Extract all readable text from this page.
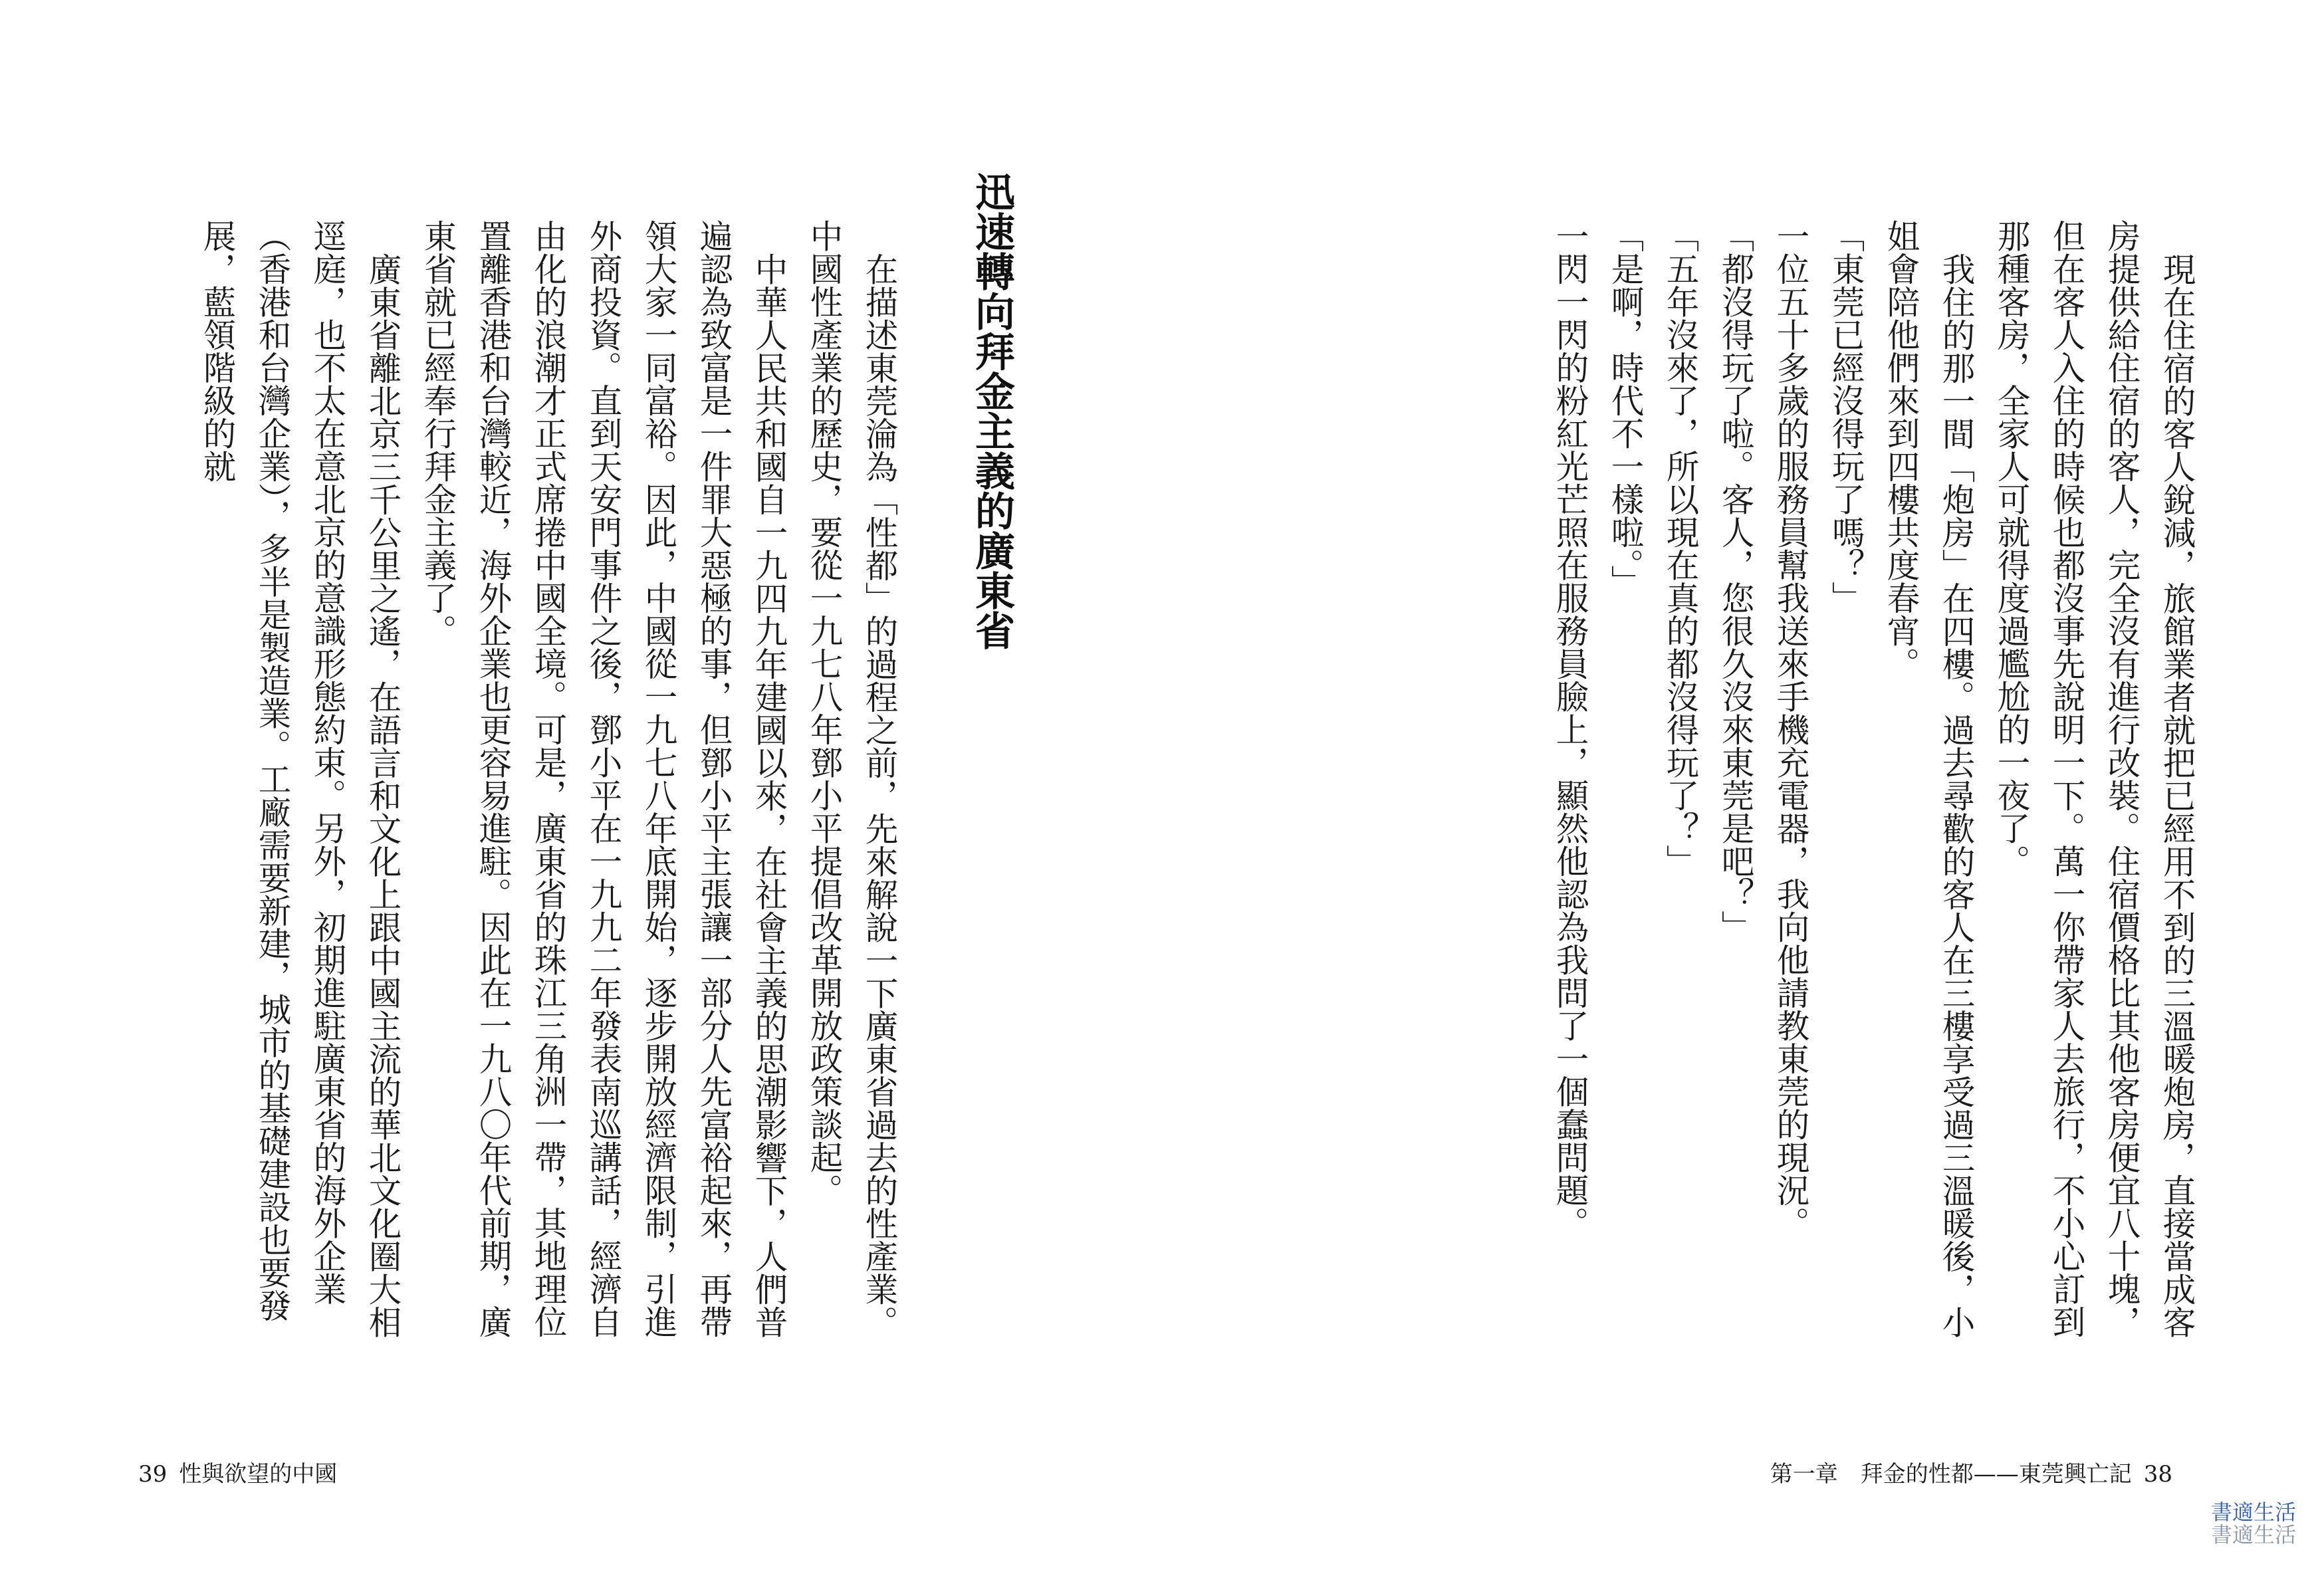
迅速轉向拜金主義的廣東省

在描述東莞淪為「性都」的過程之前，先來解說一下廣東省過去的性產業。中國性產業的歷史，要從一九七八年鄧小平提倡改革開放政策談起。

中華人民共和國自一九四九年建國以來，在社會主義的思潮影響下，人們普遍認為致富是一件罪大惡極的事，但鄧小平主張讓一部分人先富裕起來，再帶領大家一同富裕。因此，中國從一九七八年底開始，逐步開放經濟限制，引進外商投資。直到天安門事件之後，鄧小平在一九九二年發表南巡講話，經濟自由化的浪潮才正式席捲中國全境。可是，廣東省的珠江三角洲一帶，其地理位置離香港和台灣較近，海外企業也更容易進駐。因此在一九八〇年代前期，廣東省就已經奉行拜金主義了。

廣東省離北京三千公里之遙，在語言和文化上跟中國主流的華北文化圈大相逕庭，也不太在意北京的意識形態約束。另外，初期進駐廣東省的海外企業（香港和台灣企業），多半是製造業。工廠需要新建，城市的基礎建設也要發展，藍領階級的就

39 性與欲望的中國

現在住宿的客人銳減，旅館業者就把已經用不到的三溫暖炮房，直接當成客房提供給住宿的客人，完全沒有進行改裝。住宿價格比其他客房便宜八十塊，但在客人入住的時候也都沒事先說明一下。萬一你帶家人去旅行，不小心訂到那種客房，全家人可就得度過尷尬的一夜了。

我住的那一間「炮房」在四樓。過去尋歡的客人在三樓享受過三溫暖後，小姐會陪他們來到四樓共度春宵。

「東莞已經沒得玩了嗎？」

一位五十多歲的服務員幫我送來手機充電器，我向他請教東莞的現況。

「都沒得玩了啦。客人，您很久沒來東莞是吧？」

「五年沒來了，所以現在真的都沒得玩了？」

「是啊，時代不一樣啦。」

一閃一閃的粉紅光芒照在服務員臉上，顯然他認為我問了一個蠢問題。

第一章　拜金的性都——東莞興亡記 38
書適生活
書適生活
